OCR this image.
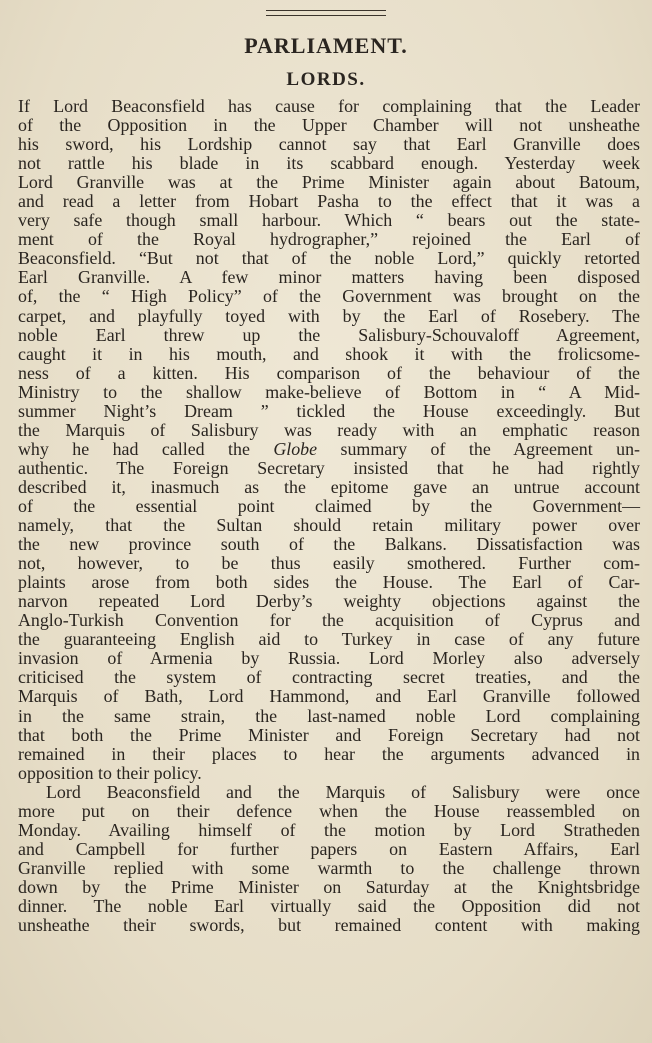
PARLIAMENT.
LORDS.
If Lord Beaconsfield has cause for complaining that the Leader
of the Opposition in the Upper Chamber will not unsheathe
his sword, his Lordship cannot say that Earl Granville does
not rattle his blade in its scabbard enough. Yesterday week
Lord Granville was at the Prime Minister again about Batoum,
and read a letter from Hobart Pasha to the effect that it was a
very safe though small harbour. Which “ bears out the state-
ment of the Royal hydrographer,” rejoined the Earl of
Beaconsfield. “But not that of the noble Lord,” quickly retorted
Earl Granville. A few minor matters having been disposed
of, the “ High Policy” of the Government was brought on the
carpet, and playfully toyed with by the Earl of Rosebery. The
noble Earl threw up the Salisbury-Schouvaloff Agreement,
caught it in his mouth, and shook it with the frolicsome-
ness of a kitten. His comparison of the behaviour of the
Ministry to the shallow make-believe of Bottom in “ A Mid-
summer Night’s Dream ” tickled the House exceedingly. But
the Marquis of Salisbury was ready with an emphatic reason
why he had called the Globe summary of the Agreement un-
authentic. The Foreign Secretary insisted that he had rightly
described it, inasmuch as the epitome gave an untrue account
of the essential point claimed by the Government—
namely, that the Sultan should retain military power over
the new province south of the Balkans. Dissatisfaction was
not, however, to be thus easily smothered. Further com-
plaints arose from both sides the House. The Earl of Car-
narvon repeated Lord Derby’s weighty objections against the
Anglo-Turkish Convention for the acquisition of Cyprus and
the guaranteeing English aid to Turkey in case of any future
invasion of Armenia by Russia. Lord Morley also adversely
criticised the system of contracting secret treaties, and the
Marquis of Bath, Lord Hammond, and Earl Granville followed
in the same strain, the last-named noble Lord complaining
that both the Prime Minister and Foreign Secretary had not
remained in their places to hear the arguments advanced in
opposition to their policy.
Lord Beaconsfield and the Marquis of Salisbury were once
more put on their defence when the House reassembled on
Monday. Availing himself of the motion by Lord Stratheden
and Campbell for further papers on Eastern Affairs, Earl
Granville replied with some warmth to the challenge thrown
down by the Prime Minister on Saturday at the Knightsbridge
dinner. The noble Earl virtually said the Opposition did not
unsheathe their swords, but remained content with making
